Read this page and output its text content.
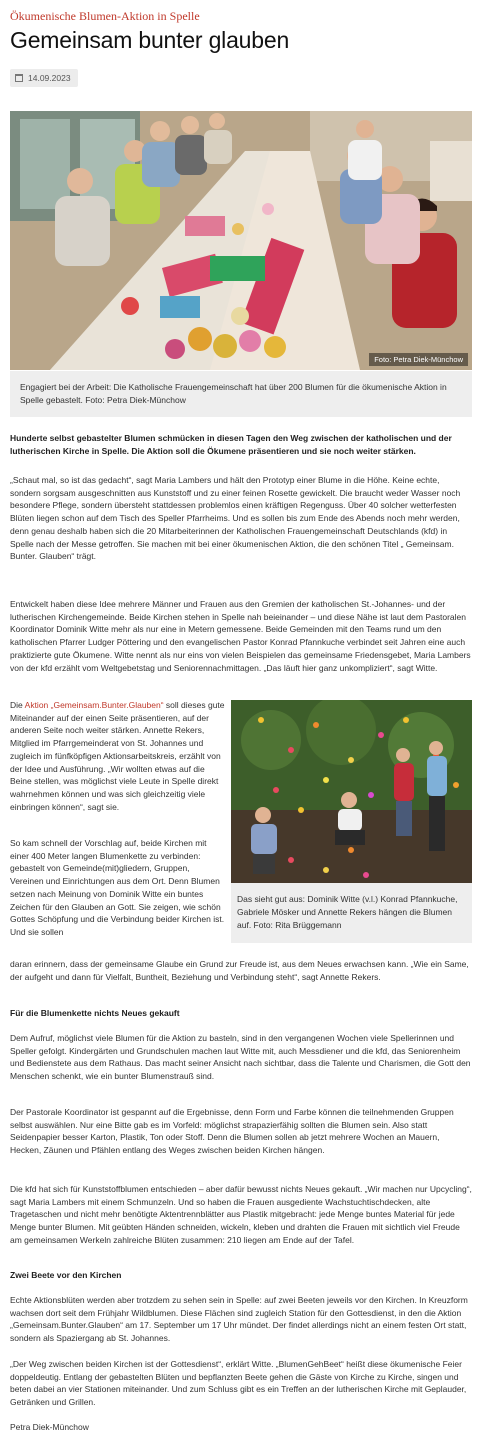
Ökumenische Blumen-Aktion in Spelle
Gemeinsam bunter glauben
14.09.2023
Foto: Petra Diek-Münchow
Engagiert bei der Arbeit: Die Katholische Frauengemeinschaft hat über 200 Blumen für die ökumenische Aktion in Spelle gebastelt. Foto: Petra Diek-Münchow

Hunderte selbst gebastelter Blumen schmücken in diesen Tagen den Weg zwischen der katholischen und der lutherischen Kirche in Spelle. Die Aktion soll die Ökumene präsentieren und sie noch weiter stärken.

„Schaut mal, so ist das gedacht“, sagt Maria Lambers und hält den Prototyp einer Blume in die Höhe. Keine echte, sondern sorgsam ausgeschnitten aus Kunststoff und zu einer feinen Rosette gewickelt. Die braucht weder Wasser noch besondere Pflege, sondern übersteht stattdessen problemlos einen kräftigen Regenguss. Über 40 solcher wetterfesten Blüten liegen schon auf dem Tisch des Speller Pfarrheims. Und es sollen bis zum Ende des Abends noch mehr werden, denn genau deshalb haben sich die 20 Mitarbeiterinnen der Katholischen Frauengemeinschaft Deutschlands (kfd) in Spelle nach der Messe getroffen. Sie machen mit bei einer ökumenischen Aktion, die den schönen Titel „ Gemeinsam. Bunter. Glauben“ trägt.

Entwickelt haben diese Idee mehrere Männer und Frauen aus den Gremien der katholischen St.-Johannes- und der lutherischen Kirchengemeinde. Beide Kirchen stehen in Spelle nah beieinander – und diese Nähe ist laut dem Pastoralen Koordinator Dominik Witte mehr als nur eine in Metern gemessene. Beide Gemeinden mit den Teams rund um den katholischen Pfarrer Ludger Pöttering und den evangelischen Pastor Konrad Pfannkuche verbindet seit Jahren eine auch praktizierte gute Ökumene. Witte nennt als nur eins von vielen Beispielen das gemeinsame Friedensgebet, Maria Lambers von der kfd erzählt vom Weltgebetstag und Seniorennachmittagen. „Das läuft hier ganz unkompliziert“, sagt Witte.

Die Aktion „Gemeinsam.Bunter.Glauben“ soll dieses gute Miteinander auf der einen Seite präsentieren, auf der anderen Seite noch weiter stärken. Annette Rekers, Mitglied im Pfarrgemeinderat von St. Johannes und zugleich im fünfköpfigen Aktionsarbeitskreis, erzählt von der Idee und Ausführung. „Wir wollten etwas auf die Beine stellen, was möglichst viele Leute in Spelle direkt wahrnehmen können und was sich gleichzeitig viele einbringen können“, sagt sie.

So kam schnell der Vorschlag auf, beide Kirchen mit einer 400 Meter langen Blumenkette zu verbinden: gebastelt von Gemeinde(mit)gliedern, Gruppen, Vereinen und Einrichtungen aus dem Ort. Denn Blumen setzen nach Meinung von Dominik Witte ein buntes Zeichen für den Glauben an Gott. Sie zeigen, wie schön Gottes Schöpfung und die Verbindung beider Kirchen ist. Und sie sollen

daran erinnern, dass der gemeinsame Glaube ein Grund zur Freude ist, aus dem Neues erwachsen kann. „Wie ein Same, der aufgeht und dann für Vielfalt, Buntheit, Beziehung und Verbindung steht“, sagt Annette Rekers.

Das sieht gut aus: Dominik Witte (v.l.) Konrad Pfannkuche, Gabriele Mösker und Annette Rekers hängen die Blumen auf. Foto: Rita Brüggemann
Für die Blumenkette nichts Neues gekauft

Dem Aufruf, möglichst viele Blumen für die Aktion zu basteln, sind in den vergangenen Wochen viele Spellerinnen und Speller gefolgt. Kindergärten und Grundschulen machen laut Witte mit, auch Messdiener und die kfd, das Seniorenheim und Bedienstete aus dem Rathaus. Das macht seiner Ansicht nach sichtbar, dass die Talente und Charismen, die Gott den Menschen schenkt, wie ein bunter Blumenstrauß sind.

Der Pastorale Koordinator ist gespannt auf die Ergebnisse, denn Form und Farbe können die teilnehmenden Gruppen selbst auswählen. Nur eine Bitte gab es im Vorfeld: möglichst strapazierfähig sollten die Blumen sein. Also statt Seidenpapier besser Karton, Plastik, Ton oder Stoff. Denn die Blumen sollen ab jetzt mehrere Wochen an Mauern, Hecken, Zäunen und Pfählen entlang des Weges zwischen beiden Kirchen hängen.

Die kfd hat sich für Kunststoffblumen entschieden – aber dafür bewusst nichts Neues gekauft. „Wir machen nur Upcycling“, sagt Maria Lambers mit einem Schmunzeln. Und so haben die Frauen ausgediente Wachstuchtischdecken, alte Tragetaschen und nicht mehr benötigte Aktentrennblätter aus Plastik mitgebracht: jede Menge buntes Material für jede Menge bunter Blumen. Mit geübten Händen schneiden, wickeln, kleben und drahten die Frauen mit sichtlich viel Freude am gemeinsamen Werkeln zahlreiche Blüten zusammen: 210 liegen am Ende auf der Tafel.

Zwei Beete vor den Kirchen

Echte Aktionsblüten werden aber trotzdem zu sehen sein in Spelle: auf zwei Beeten jeweils vor den Kirchen. In Kreuzform wachsen dort seit dem Frühjahr Wildblumen. Diese Flächen sind zugleich Station für den Gottesdienst, in den die Aktion „Gemeinsam.Bunter.Glauben“ am 17. September um 17 Uhr mündet. Der findet allerdings nicht an einem festen Ort statt, sondern als Spaziergang ab St. Johannes.

„Der Weg zwischen beiden Kirchen ist der Gottesdienst“, erklärt Witte. „BlumenGehBeet“ heißt diese ökumenische Feier doppeldeutig. Entlang der gebastelten Blüten und bepflanzten Beete gehen die Gäste von Kirche zu Kirche, singen und beten dabei an vier Stationen miteinander. Und zum Schluss gibt es ein Treffen an der lutherischen Kirche mit Geplauder, Getränken und Grillen.

Petra Diek-Münchow
